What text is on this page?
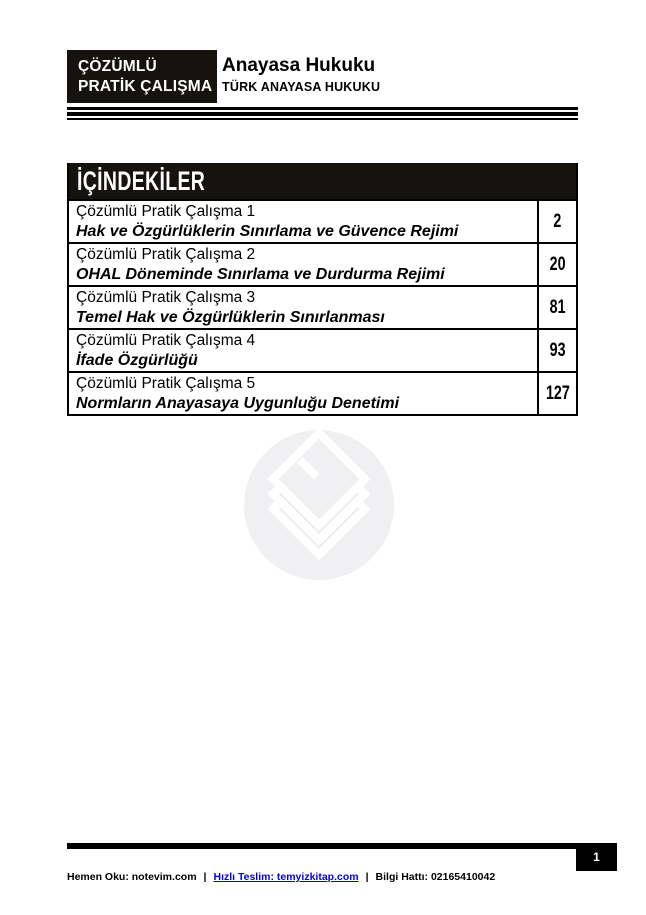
ÇÖZÜMLÜ
PRATİK ÇALIŞMA
Anayasa Hukuku
TÜRK ANAYASA HUKUKU
İÇİNDEKİLER
Çözümlü Pratik Çalışma 1
Hak ve Özgürlüklerin Sınırlama ve Güvence Rejimi	2
Çözümlü Pratik Çalışma 2
OHAL Döneminde Sınırlama ve Durdurma Rejimi	20
Çözümlü Pratik Çalışma 3
Temel Hak ve Özgürlüklerin Sınırlanması	81
Çözümlü Pratik Çalışma 4
İfade Özgürlüğü	93
Çözümlü Pratik Çalışma 5
Normların Anayasaya Uygunluğu Denetimi	127
1
Hemen Oku: notevim.com | Hızlı Teslim: temyizkitap.com | Bilgi Hattı: 02165410042
